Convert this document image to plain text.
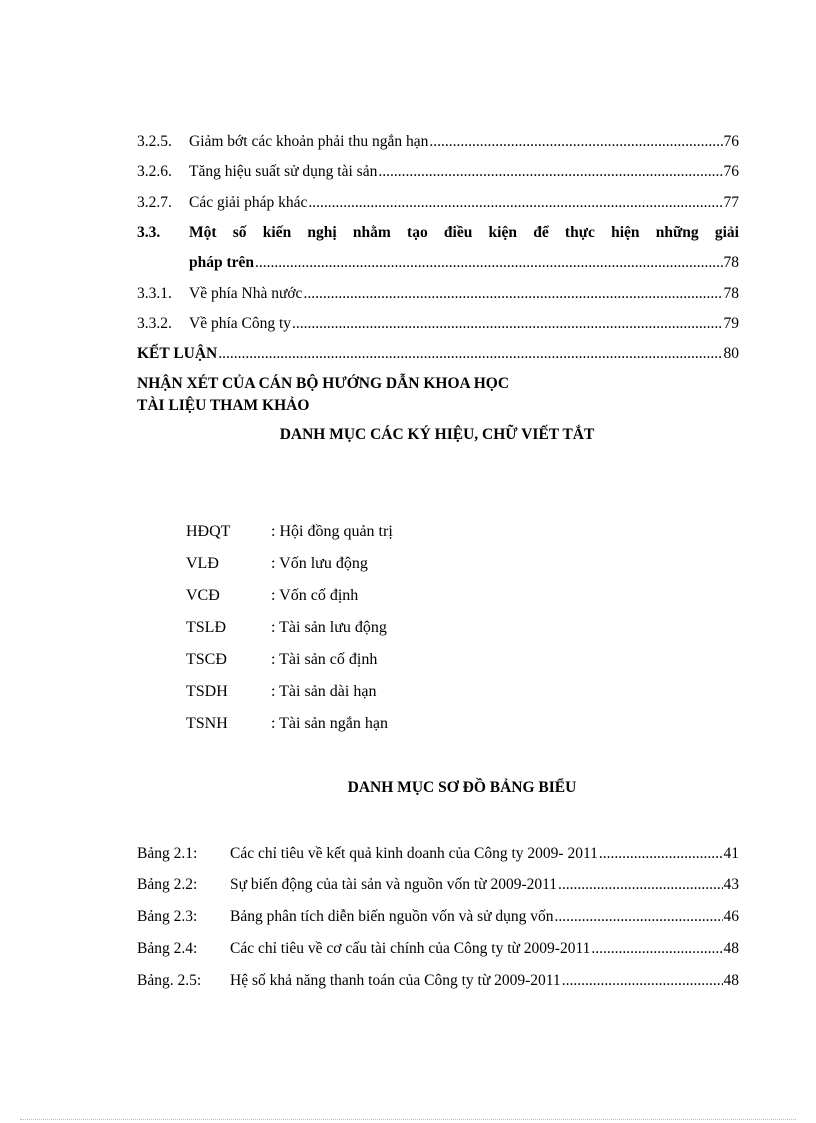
3.2.5.	Giảm bớt các khoản phải thu ngắn hạn .....	76
3.2.6.	Tăng hiệu suất sử dụng tài sản .....	76
3.2.7.	Các giải pháp khác .....	77
3.3.	Một số kiến nghị nhằm tạo điều kiện để thực hiện những giải
pháp trên .....	78
3.3.1.	Về phía Nhà nước .....	78
3.3.2.	Về phía Công ty .....	79
KẾT LUẬN .....	80
NHẬN XÉT CỦA CÁN BỘ HƯỚNG DẪN KHOA HỌC
TÀI LIỆU THAM KHẢO
DANH MỤC CÁC KÝ HIỆU, CHỮ VIẾT TẮT
HĐQT	: Hội đồng quản trị
VLĐ	: Vốn lưu động
VCĐ	: Vốn cố định
TSLĐ	: Tài sản lưu động
TSCĐ	: Tài sản cố định
TSDH	: Tài sản dài hạn
TSNH	: Tài sản ngắn hạn
DANH MỤC SƠ ĐỒ BẢNG BIỂU
Bảng 2.1:	Các chỉ tiêu về kết quả kinh doanh của Công ty 2009- 2011 .....	41
Bảng 2.2:	Sự biến động của tài sản và nguồn vốn từ 2009-2011 .....	43
Bảng 2.3:	Bảng phân tích diễn biến nguồn vốn và sử dụng vốn .....	46
Bảng 2.4:	Các chỉ tiêu về cơ cấu tài chính của Công ty từ 2009-2011 .....	48
Bảng. 2.5:	Hệ số khả năng thanh toán của Công ty từ 2009-2011 .....	48
